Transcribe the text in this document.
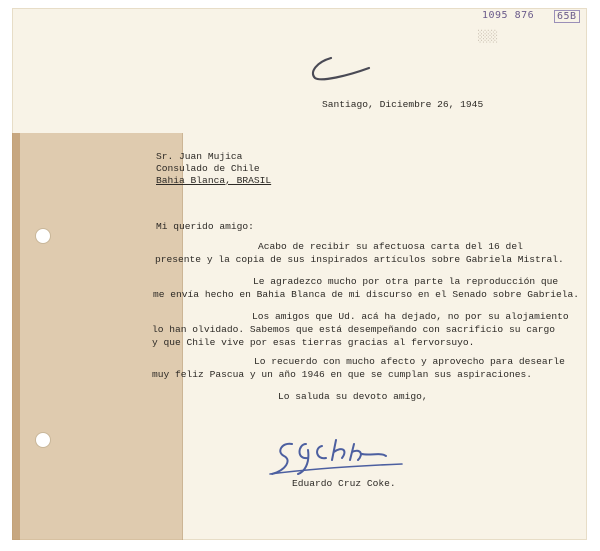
1095 876	65B
░░░
Santiago, Diciembre 26, 1945
Sr. Juan Mujica
Consulado de Chile
Bahia Blanca, BRASIL
Mi querido amigo:
Acabo de recibir su afectuosa carta del 16 del
presente y la copia de sus inspirados artículos sobre Gabriela Mistral.
Le agradezco mucho por otra parte la reproducción que
me envía hecho en Bahia Blanca de mi discurso en el Senado sobre Gabriela.
Los amigos que Ud. acá ha dejado, no por su alojamiento
lo han olvidado. Sabemos que está desempeñando con sacrificio su cargo
y que Chile vive por esas tierras gracias al fervorsuyo.
Lo recuerdo con mucho afecto y aprovecho para desearle
muy feliz Pascua y un año 1946 en que se cumplan sus aspiraciones.
Lo saluda su devoto amigo,
Eduardo Cruz Coke.
